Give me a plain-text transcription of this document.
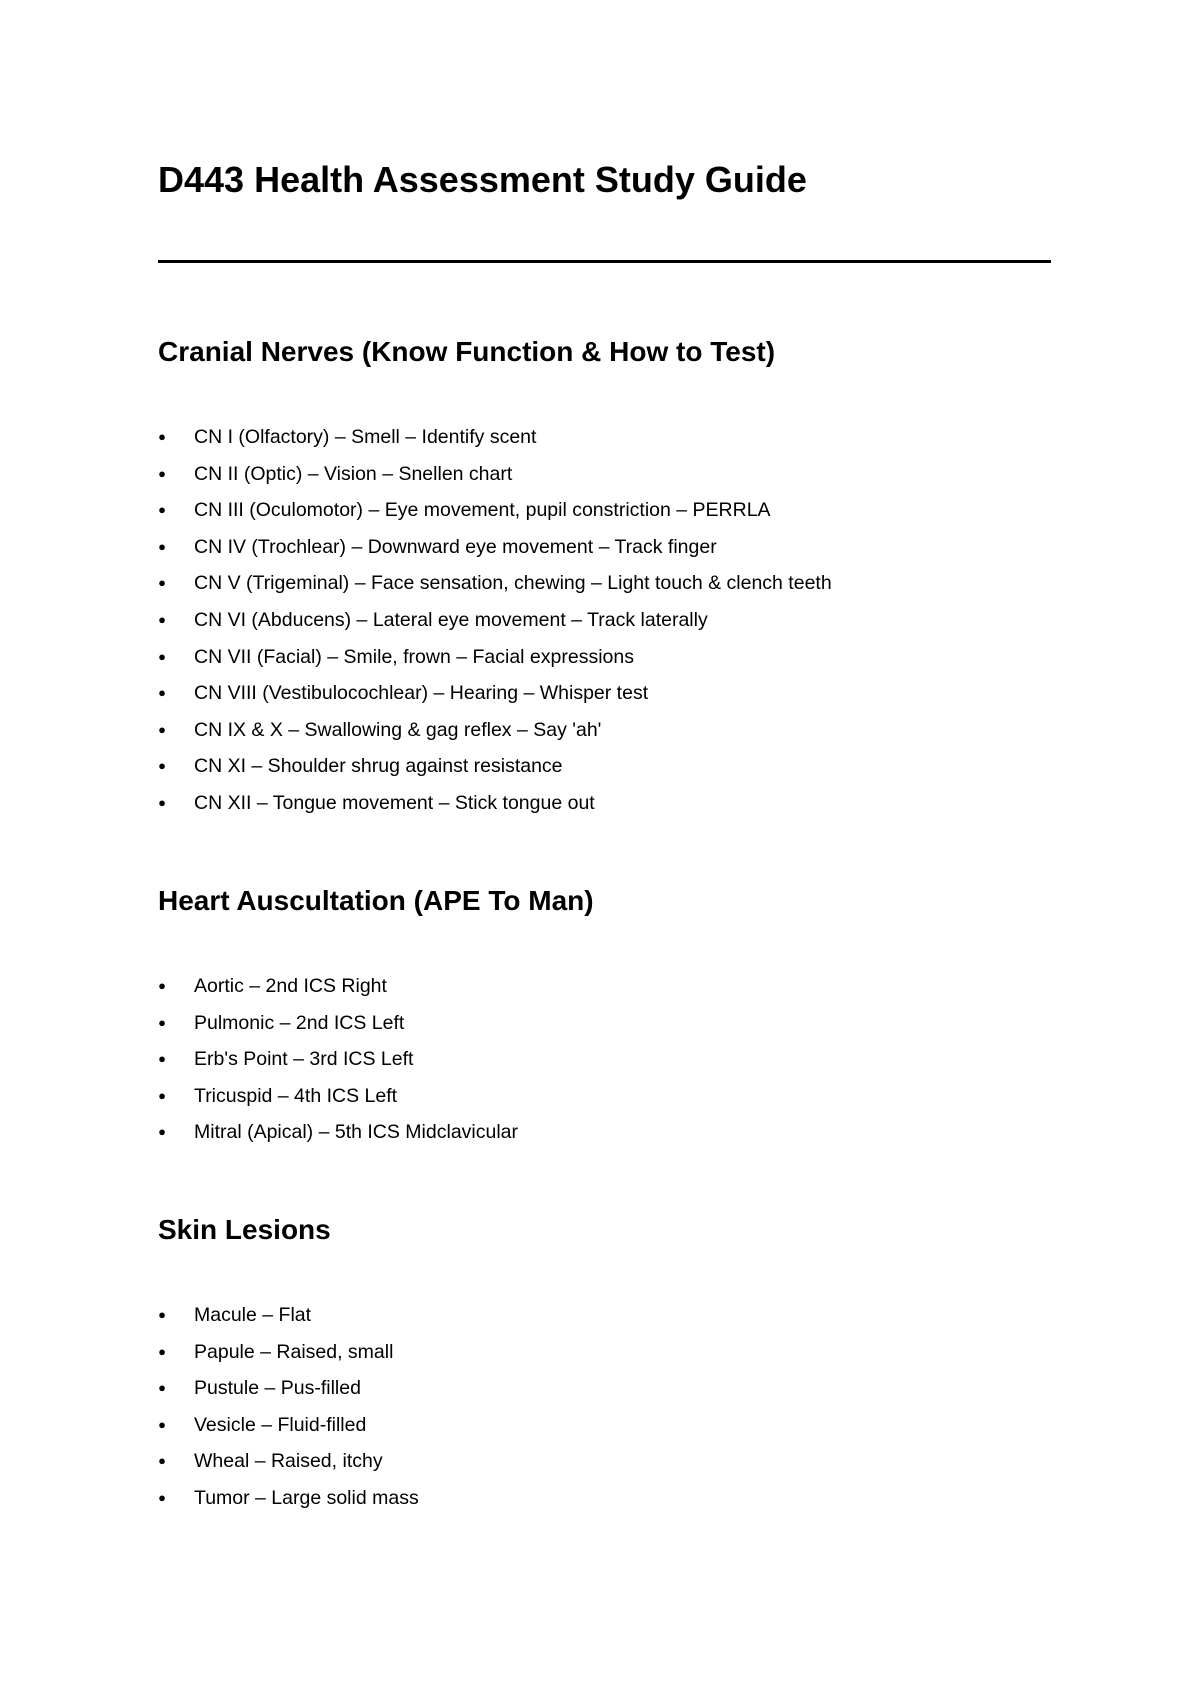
D443 Health Assessment Study Guide
Cranial Nerves (Know Function & How to Test)
● CN I (Olfactory) – Smell – Identify scent
● CN II (Optic) – Vision – Snellen chart
● CN III (Oculomotor) – Eye movement, pupil constriction – PERRLA
● CN IV (Trochlear) – Downward eye movement – Track finger
● CN V (Trigeminal) – Face sensation, chewing – Light touch & clench teeth
● CN VI (Abducens) – Lateral eye movement – Track laterally
● CN VII (Facial) – Smile, frown – Facial expressions
● CN VIII (Vestibulocochlear) – Hearing – Whisper test
● CN IX & X – Swallowing & gag reflex – Say 'ah'
● CN XI – Shoulder shrug against resistance
● CN XII – Tongue movement – Stick tongue out
Heart Auscultation (APE To Man)
● Aortic – 2nd ICS Right
● Pulmonic – 2nd ICS Left
● Erb's Point – 3rd ICS Left
● Tricuspid – 4th ICS Left
● Mitral (Apical) – 5th ICS Midclavicular
Skin Lesions
● Macule – Flat
● Papule – Raised, small
● Pustule – Pus-filled
● Vesicle – Fluid-filled
● Wheal – Raised, itchy
● Tumor – Large solid mass
